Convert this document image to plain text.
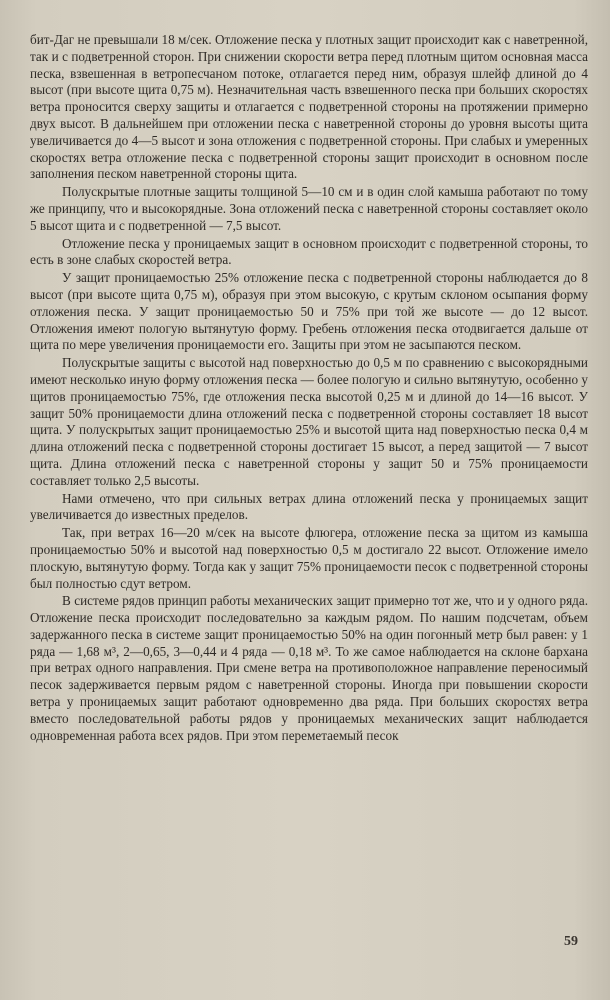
бит-Даг не превышали 18 м/сек. Отложение песка у плотных защит происходит как с наветренной, так и с подветренной сторон. При снижении скорости ветра перед плотным щитом основная масса песка, взвешенная в ветропесчаном потоке, отлагается перед ним, образуя шлейф длиной до 4 высот (при высоте щита 0,75 м). Незначительная часть взвешенного песка при больших скоростях ветра проносится сверху защиты и отлагается с подветренной стороны на протяжении примерно двух высот. В дальнейшем при отложении песка с наветренной стороны до уровня высоты щита увеличивается до 4—5 высот и зона отложения с подветренной стороны. При слабых и умеренных скоростях ветра отложение песка с подветренной стороны защит происходит в основном после заполнения песком наветренной стороны щита.

Полускрытые плотные защиты толщиной 5—10 см и в один слой камыша работают по тому же принципу, что и высокорядные. Зона отложений песка с наветренной стороны составляет около 5 высот щита и с подветренной — 7,5 высот.

Отложение песка у проницаемых защит в основном происходит с подветренной стороны, то есть в зоне слабых скоростей ветра.

У защит проницаемостью 25% отложение песка с подветренной стороны наблюдается до 8 высот (при высоте щита 0,75 м), образуя при этом высокую, с крутым склоном осыпания форму отложения песка. У защит проницаемостью 50 и 75% при той же высоте — до 12 высот. Отложения имеют пологую вытянутую форму. Гребень отложения песка отодвигается дальше от щита по мере увеличения проницаемости его. Защиты при этом не засыпаются песком.

Полускрытые защиты с высотой над поверхностью до 0,5 м по сравнению с высокорядными имеют несколько иную форму отложения песка — более пологую и сильно вытянутую, особенно у щитов проницаемостью 75%, где отложения песка высотой 0,25 м и длиной до 14—16 высот. У защит 50% проницаемости длина отложений песка с подветренной стороны составляет 18 высот щита. У полускрытых защит проницаемостью 25% и высотой щита над поверхностью песка 0,4 м длина отложений песка с подветренной стороны достигает 15 высот, а перед защитой — 7 высот щита. Длина отложений песка с наветренной стороны у защит 50 и 75% проницаемости составляет только 2,5 высоты.

Нами отмечено, что при сильных ветрах длина отложений песка у проницаемых защит увеличивается до известных пределов.

Так, при ветрах 16—20 м/сек на высоте флюгера, отложение песка за щитом из камыша проницаемостью 50% и высотой над поверхностью 0,5 м достигало 22 высот. Отложение имело плоскую, вытянутую форму. Тогда как у защит 75% проницаемости песок с подветренной стороны был полностью сдут ветром.

В системе рядов принцип работы механических защит примерно тот же, что и у одного ряда. Отложение песка происходит последовательно за каждым рядом. По нашим подсчетам, объем задержанного песка в системе защит проницаемостью 50% на один погонный метр был равен: у 1 ряда — 1,68 м³, 2—0,65, 3—0,44 и 4 ряда — 0,18 м³. То же самое наблюдается на склоне бархана при ветрах одного направления. При смене ветра на противоположное направление переносимый песок задерживается первым рядом с наветренной стороны. Иногда при повышении скорости ветра у проницаемых защит работают одновременно два ряда. При больших скоростях ветра вместо последовательной работы рядов у проницаемых механических защит наблюдается одновременная работа всех рядов. При этом переметаемый песок

59
